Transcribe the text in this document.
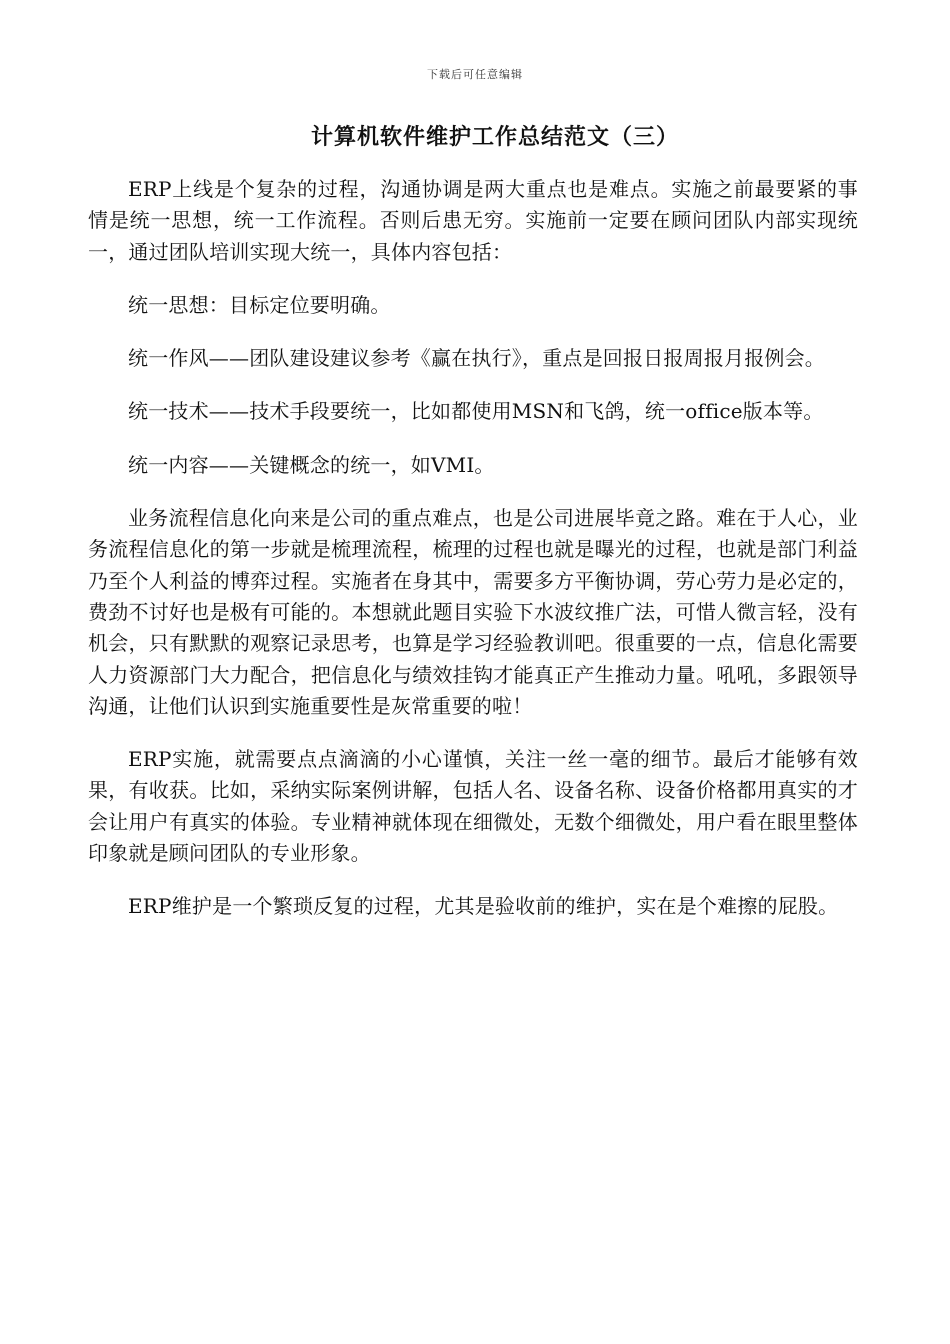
下载后可任意编辑
计算机软件维护工作总结范文（三）

ERP上线是个复杂的过程，沟通协调是两大重点也是难点。实施之前最要紧的事情是统一思想，统一工作流程。否则后患无穷。实施前一定要在顾问团队内部实现统一，通过团队培训实现大统一，具体内容包括：

统一思想：目标定位要明确。

统一作风——团队建设建议参考《赢在执行》，重点是回报日报周报月报例会。

统一技术——技术手段要统一，比如都使用MSN和飞鸽，统一office版本等。

统一内容——关键概念的统一，如VMI。

业务流程信息化向来是公司的重点难点，也是公司进展毕竟之路。难在于人心，业务流程信息化的第一步就是梳理流程，梳理的过程也就是曝光的过程，也就是部门利益乃至个人利益的博弈过程。实施者在身其中，需要多方平衡协调，劳心劳力是必定的，费劲不讨好也是极有可能的。本想就此题目实验下水波纹推广法，可惜人微言轻，没有机会，只有默默的观察记录思考，也算是学习经验教训吧。很重要的一点，信息化需要人力资源部门大力配合，把信息化与绩效挂钩才能真正产生推动力量。吼吼，多跟领导沟通，让他们认识到实施重要性是灰常重要的啦！

ERP实施，就需要点点滴滴的小心谨慎，关注一丝一毫的细节。最后才能够有效果，有收获。比如，采纳实际案例讲解，包括人名、设备名称、设备价格都用真实的才会让用户有真实的体验。专业精神就体现在细微处，无数个细微处，用户看在眼里整体印象就是顾问团队的专业形象。

ERP维护是一个繁琐反复的过程，尤其是验收前的维护，实在是个难擦的屁股。
